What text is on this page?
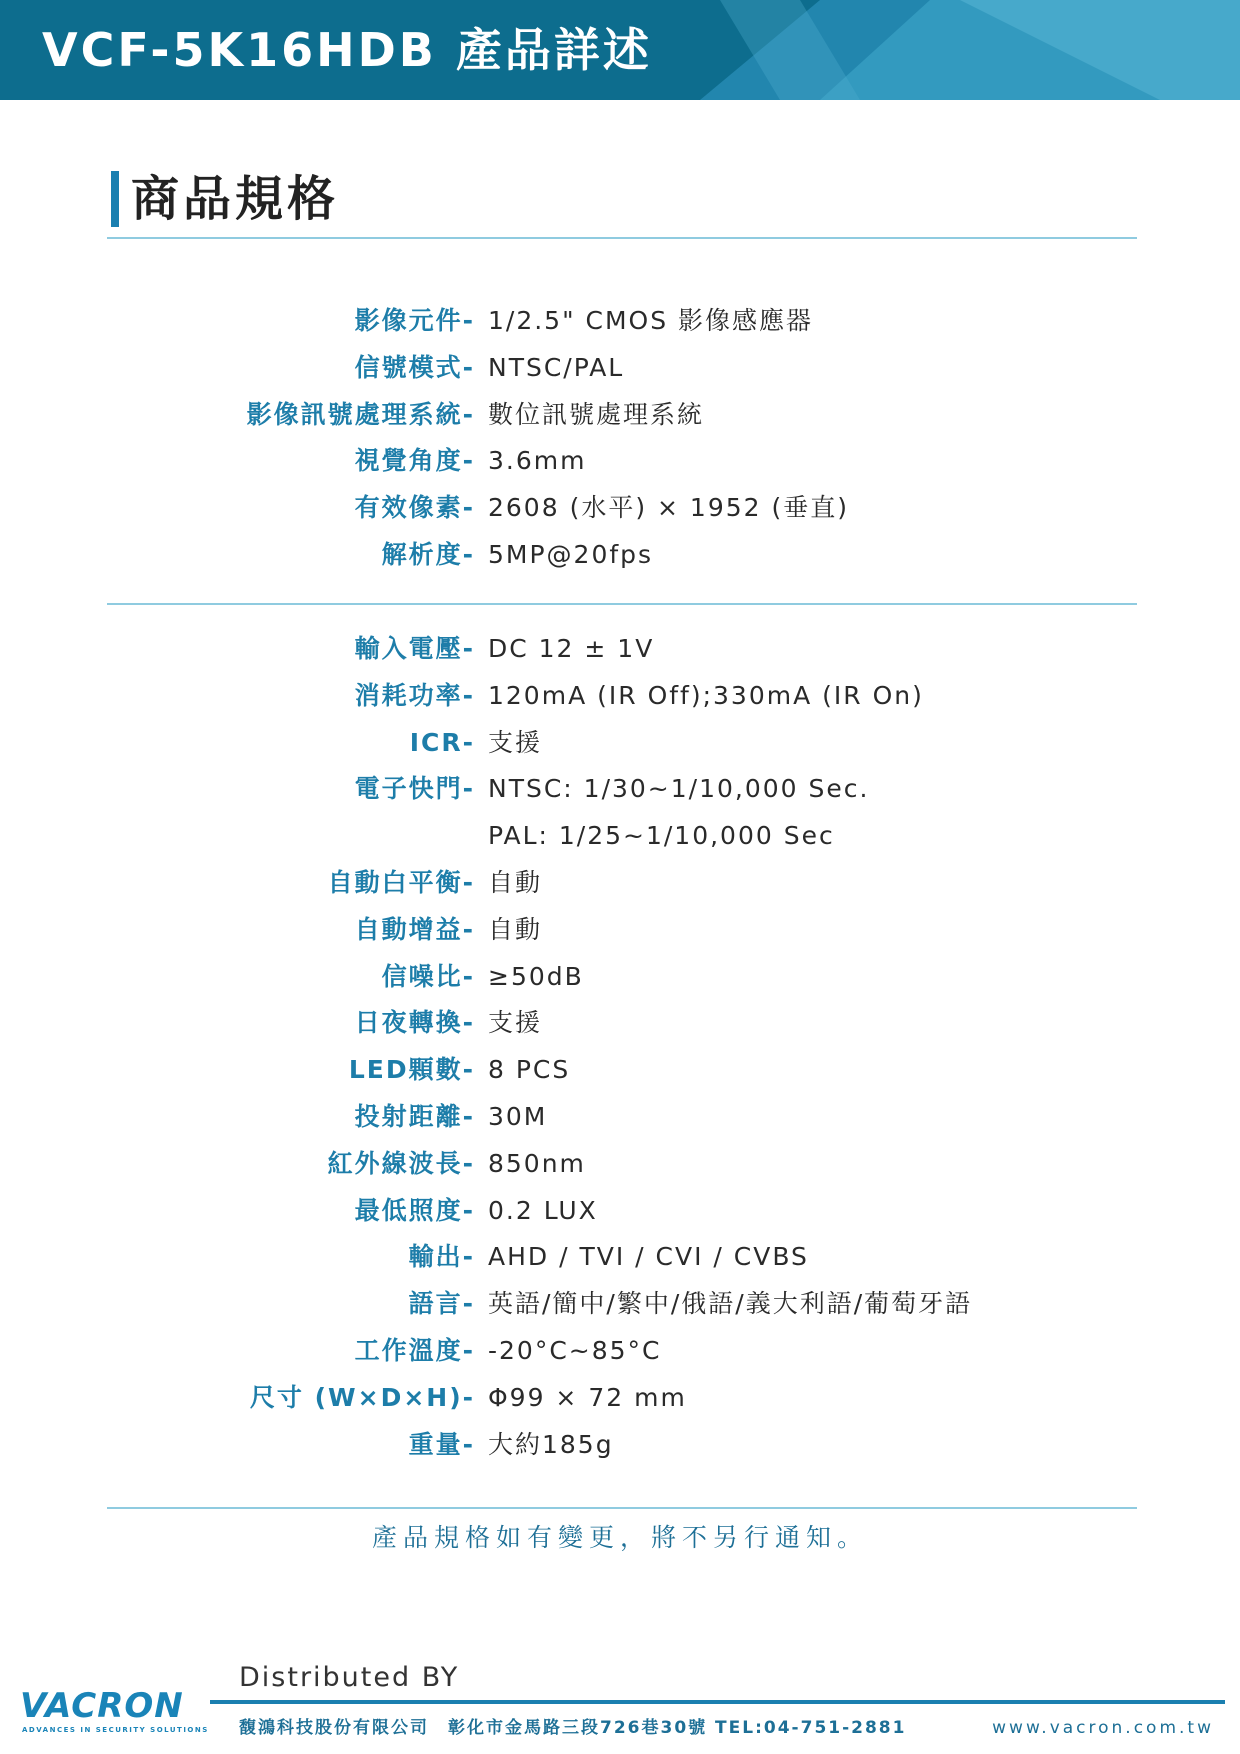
VCF-5K16HDB 產品詳述
商品規格
影像元件- 1/2.5" CMOS 影像感應器
信號模式- NTSC/PAL
影像訊號處理系統- 數位訊號處理系統
視覺角度- 3.6mm
有效像素- 2608 (水平) × 1952 (垂直)
解析度- 5MP@20fps
輸入電壓- DC 12 ± 1V
消耗功率- 120mA (IR Off);330mA (IR On)
ICR- 支援
電子快門- NTSC: 1/30~1/10,000 Sec.
PAL: 1/25~1/10,000 Sec
自動白平衡- 自動
自動增益- 自動
信噪比- ≥50dB
日夜轉換- 支援
LED顆數- 8 PCS
投射距離- 30M
紅外線波長- 850nm
最低照度- 0.2 LUX
輸出- AHD / TVI / CVI / CVBS
語言- 英語/簡中/繁中/俄語/義大利語/葡萄牙語
工作溫度- -20°C~85°C
尺寸 (W×D×H)- Φ99 × 72 mm
重量- 大約185g
產品規格如有變更，將不另行通知。
Distributed BY
VACRON
ADVANCES IN SECURITY SOLUTIONS 馥鴻科技股份有限公司　彰化市金馬路三段726巷30號 TEL:04-751-2881	www.vacron.com.tw
